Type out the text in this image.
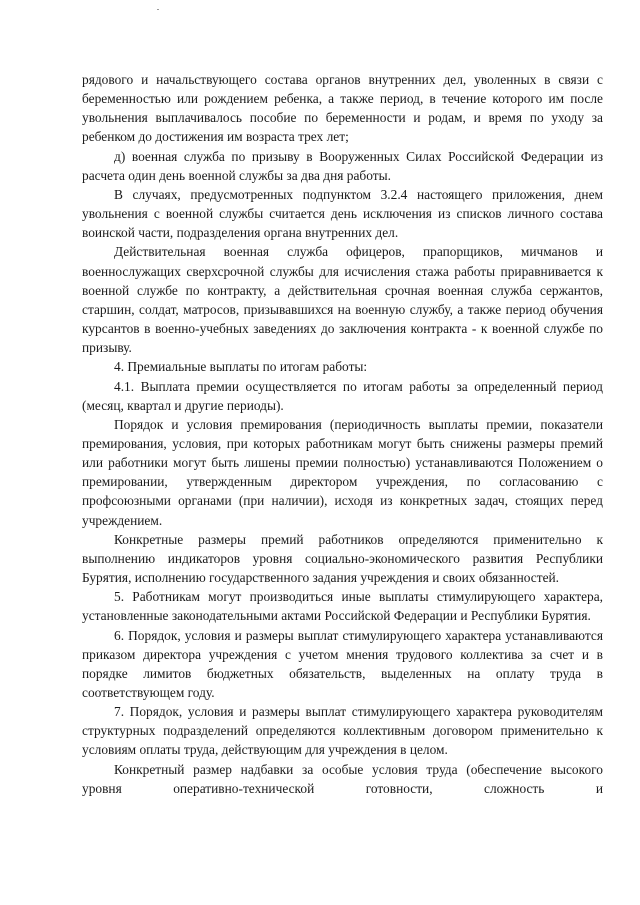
рядового и начальствующего состава органов внутренних дел, уволенных в связи с беременностью или рождением ребенка, а также период, в течение которого им после увольнения выплачивалось пособие по беременности и родам, и время по уходу за ребенком до достижения им возраста трех лет;

д) военная служба по призыву в Вооруженных Силах Российской Федерации из расчета один день военной службы за два дня работы.

В случаях, предусмотренных подпунктом 3.2.4 настоящего приложения, днем увольнения с военной службы считается день исключения из списков личного состава воинской части, подразделения органа внутренних дел.

Действительная военная служба офицеров, прапорщиков, мичманов и военнослужащих сверхсрочной службы для исчисления стажа работы приравнивается к военной службе по контракту, а действительная срочная военная служба сержантов, старшин, солдат, матросов, призывавшихся на военную службу, а также период обучения курсантов в военно-учебных заведениях до заключения контракта - к военной службе по призыву.

4. Премиальные выплаты по итогам работы:

4.1. Выплата премии осуществляется по итогам работы за определенный период (месяц, квартал и другие периоды).

Порядок и условия премирования (периодичность выплаты премии, показатели премирования, условия, при которых работникам могут быть снижены размеры премий или работники могут быть лишены премии полностью) устанавливаются Положением о премировании, утвержденным директором учреждения, по согласованию с профсоюзными органами (при наличии), исходя из конкретных задач, стоящих перед учреждением.

Конкретные размеры премий работников определяются применительно к выполнению индикаторов уровня социально-экономического развития Республики Бурятия, исполнению государственного задания учреждения и своих обязанностей.

5. Работникам могут производиться иные выплаты стимулирующего характера, установленные законодательными актами Российской Федерации и Республики Бурятия.

6. Порядок, условия и размеры выплат стимулирующего характера устанавливаются приказом директора учреждения с учетом мнения трудового коллектива за счет и в порядке лимитов бюджетных обязательств, выделенных на оплату труда в соответствующем году.

7. Порядок, условия и размеры выплат стимулирующего характера руководителям структурных подразделений определяются коллективным договором применительно к условиям оплаты труда, действующим для учреждения в целом.

Конкретный размер надбавки за особые условия труда (обеспечение высокого уровня оперативно-технической готовности, сложность и
